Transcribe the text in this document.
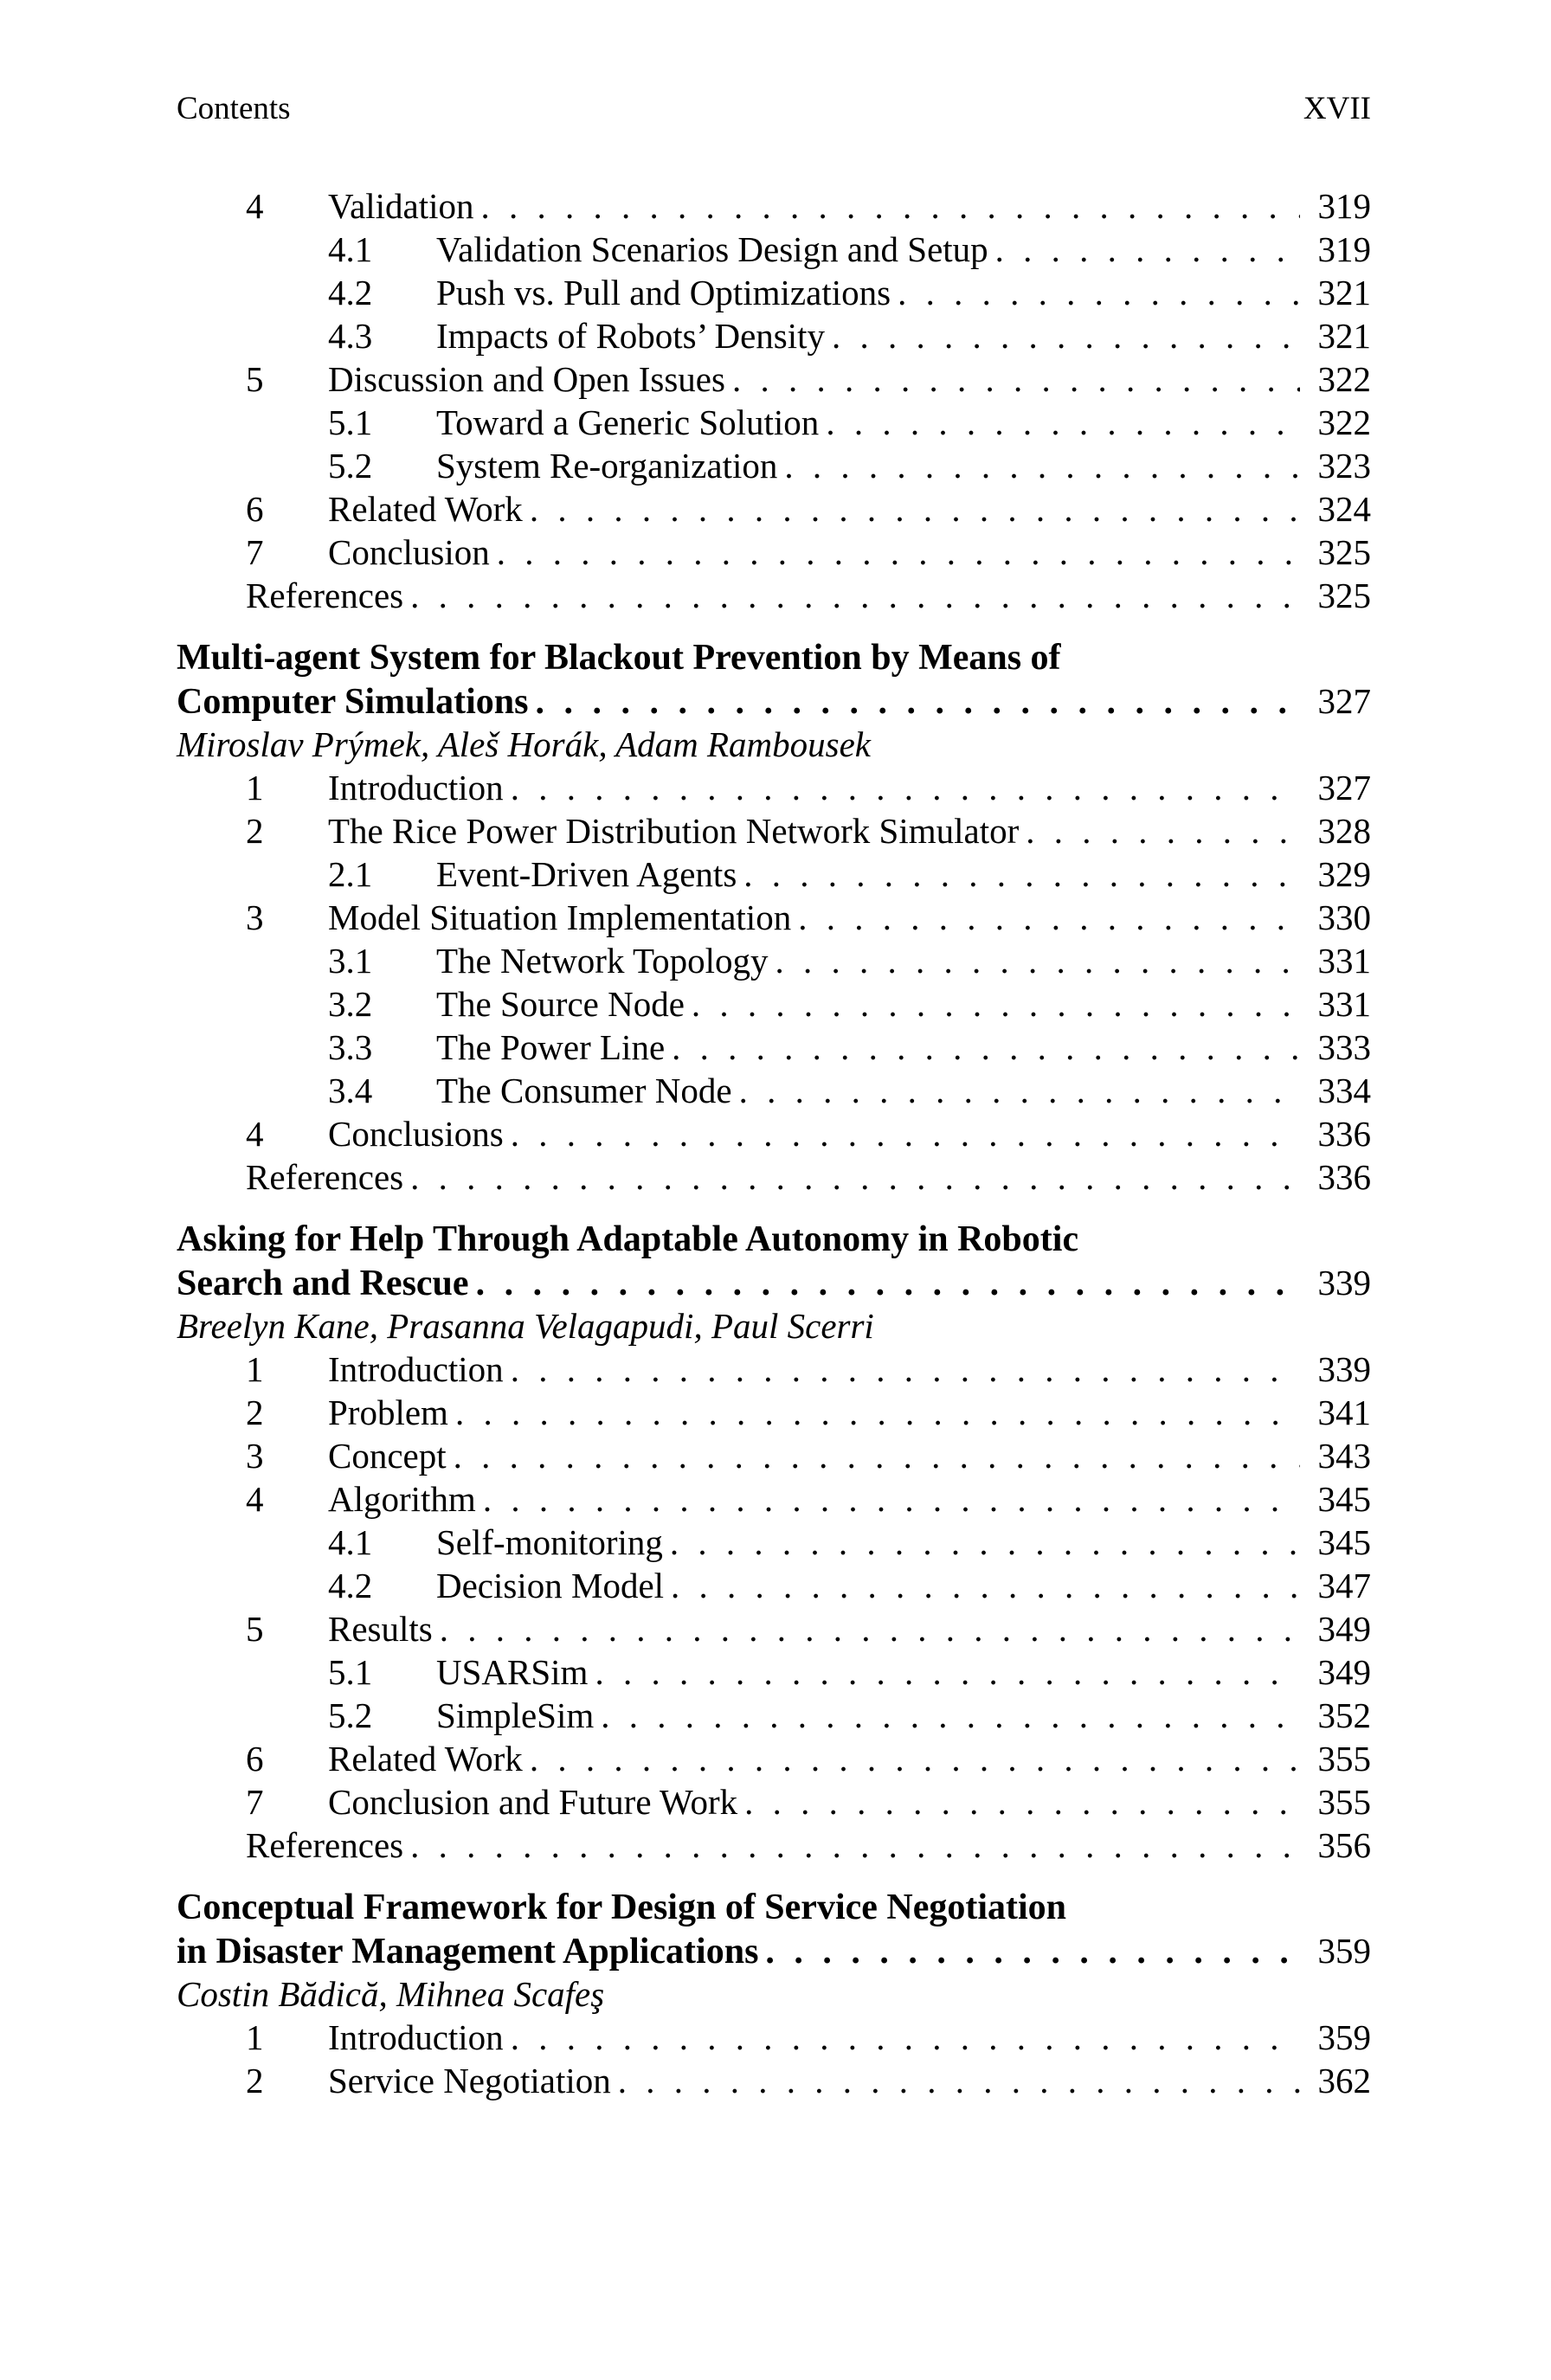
Contents	XVII
4 Validation . . .	319
4.1 Validation Scenarios Design and Setup . . .	319
4.2 Push vs. Pull and Optimizations . . .	321
4.3 Impacts of Robots’ Density . . .	321
5 Discussion and Open Issues . . .	322
5.1 Toward a Generic Solution . . .	322
5.2 System Re-organization . . .	323
6 Related Work . . .	324
7 Conclusion . . .	325
References . . .	325
Multi-agent System for Blackout Prevention by Means of
Computer Simulations . . .	327
Miroslav Prýmek, Aleš Horák, Adam Rambousek
1 Introduction . . .	327
2 The Rice Power Distribution Network Simulator . . .	328
2.1 Event-Driven Agents . . .	329
3 Model Situation Implementation . . .	330
3.1 The Network Topology . . .	331
3.2 The Source Node . . .	331
3.3 The Power Line . . .	333
3.4 The Consumer Node . . .	334
4 Conclusions . . .	336
References . . .	336
Asking for Help Through Adaptable Autonomy in Robotic
Search and Rescue . . .	339
Breelyn Kane, Prasanna Velagapudi, Paul Scerri
1 Introduction . . .	339
2 Problem . . .	341
3 Concept . . .	343
4 Algorithm . . .	345
4.1 Self-monitoring . . .	345
4.2 Decision Model . . .	347
5 Results . . .	349
5.1 USARSim . . .	349
5.2 SimpleSim . . .	352
6 Related Work . . .	355
7 Conclusion and Future Work . . .	355
References . . .	356
Conceptual Framework for Design of Service Negotiation
in Disaster Management Applications . . .	359
Costin Bădică, Mihnea Scafeş
1 Introduction . . .	359
2 Service Negotiation . . .	362
